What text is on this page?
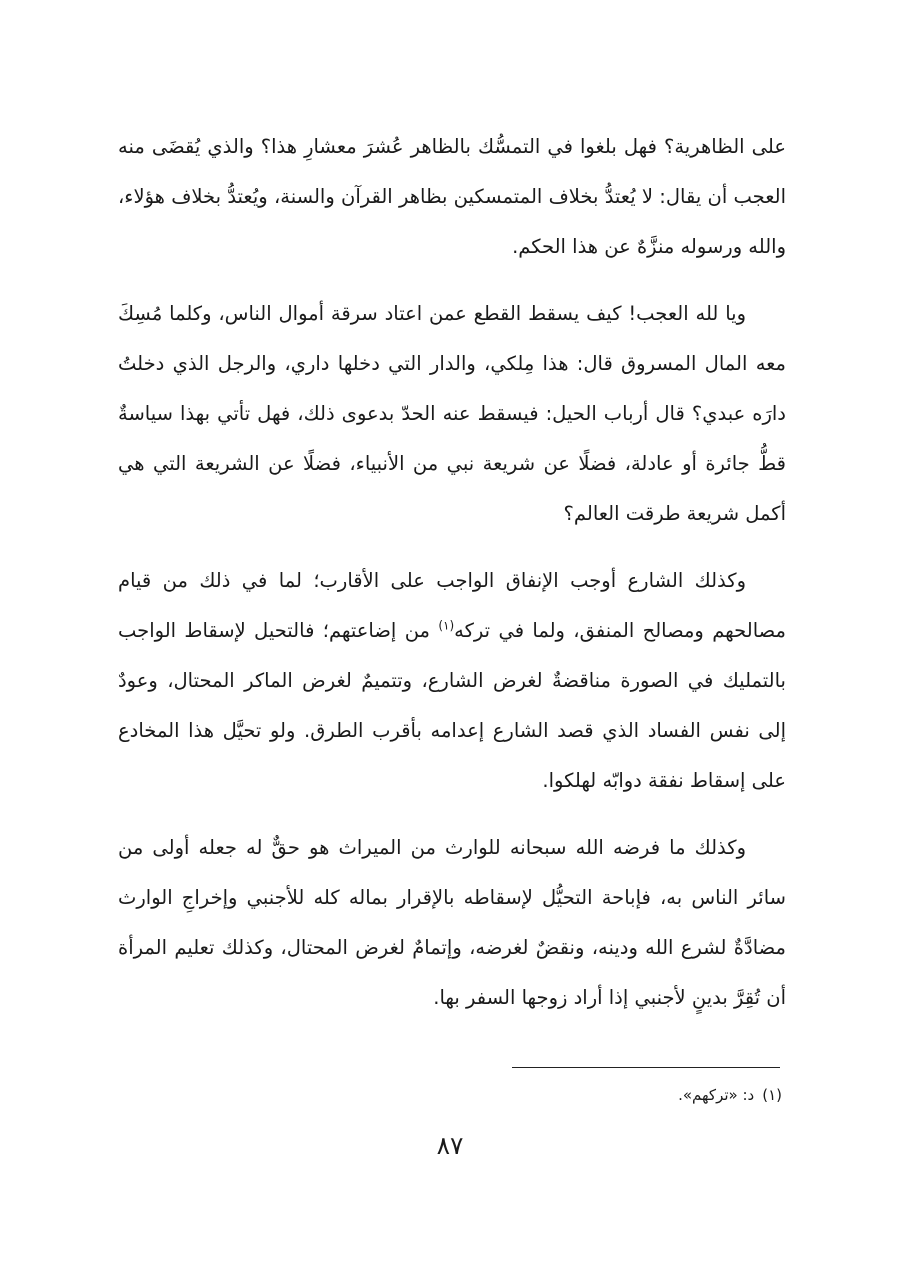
على الظاهرية؟ فهل بلغوا في التمسُّك بالظاهر عُشرَ معشارِ هذا؟ والذي يُقضَى منه العجب أن يقال: لا يُعتدُّ بخلاف المتمسكين بظاهر القرآن والسنة، ويُعتدُّ بخلاف هؤلاء، والله ورسوله منزَّهٌ عن هذا الحكم.

ويا لله العجب! كيف يسقط القطع عمن اعتاد سرقة أموال الناس، وكلما مُسِكَ معه المال المسروق قال: هذا مِلكي، والدار التي دخلها داري، والرجل الذي دخلتُ دارَه عبدي؟ قال أرباب الحيل: فيسقط عنه الحدّ بدعوى ذلك، فهل تأتي بهذا سياسةٌ قطُّ جائرة أو عادلة، فضلًا عن شريعة نبي من الأنبياء، فضلًا عن الشريعة التي هي أكمل شريعة طرقت العالم؟

وكذلك الشارع أوجب الإنفاق الواجب على الأقارب؛ لما في ذلك من قيام مصالحهم ومصالح المنفق، ولما في تركه$^{(١)}$ من إضاعتهم؛ فالتحيل لإسقاط الواجب بالتمليك في الصورة مناقضةٌ لغرض الشارع، وتتميمٌ لغرض الماكر المحتال، وعودٌ إلى نفس الفساد الذي قصد الشارع إعدامه بأقرب الطرق. ولو تحيَّل هذا المخادع على إسقاط نفقة دوابّه لهلكوا.

وكذلك ما فرضه الله سبحانه للوارث من الميراث هو حقٌّ له جعله أولى من سائر الناس به، فإباحة التحيُّل لإسقاطه بالإقرار بماله كله للأجنبي وإخراجِ الوارث مضادَّةٌ لشرع الله ودينه، ونقضٌ لغرضه، وإتمامٌ لغرض المحتال، وكذلك تعليم المرأة أن تُقِرَّ بدينٍ لأجنبي إذا أراد زوجها السفر بها.

(١)د: «تركهم».
٨٧
